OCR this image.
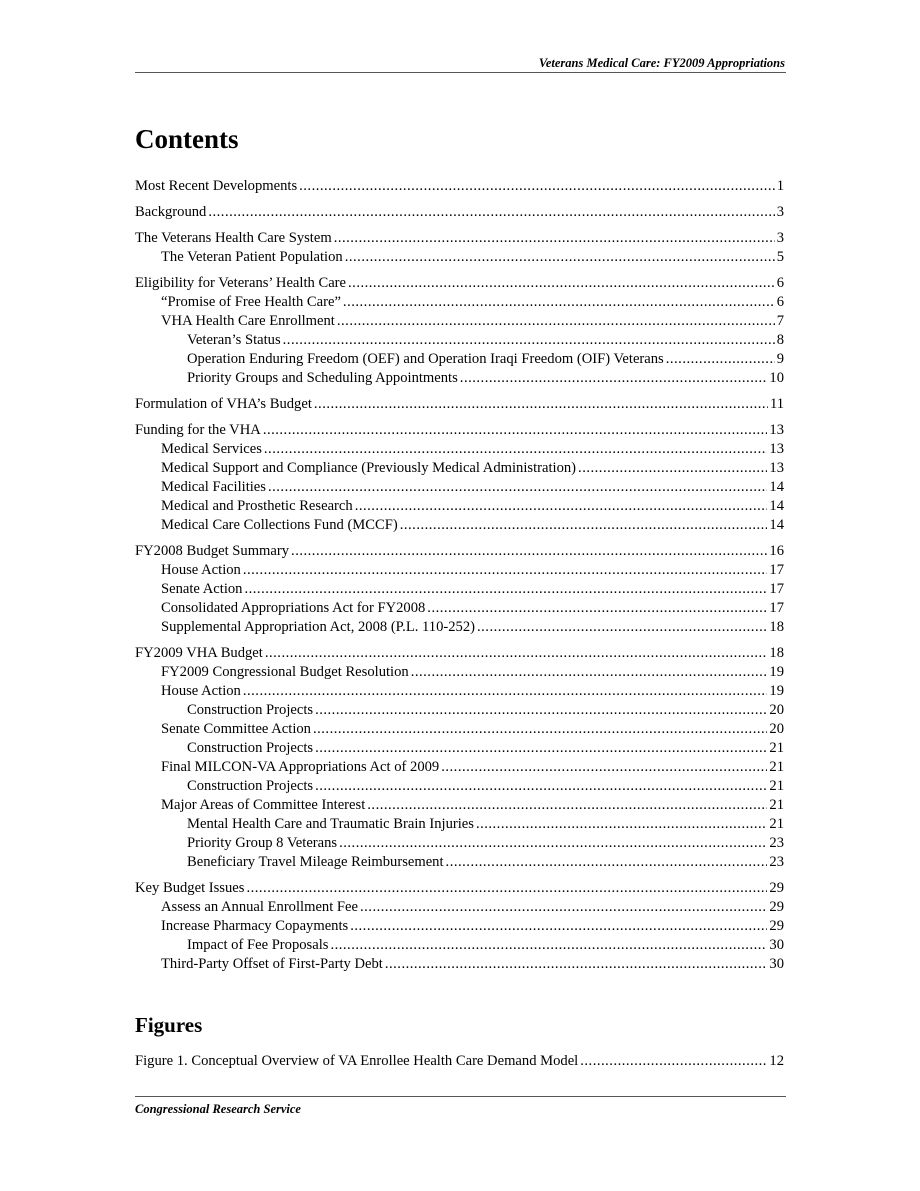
Veterans Medical Care: FY2009 Appropriations
Contents
Most Recent Developments .....	1
Background .....	3
The Veterans Health Care System .....	3
The Veteran Patient Population .....	5
Eligibility for Veterans’ Health Care .....	6
“Promise of Free Health Care” .....	6
VHA Health Care Enrollment .....	7
Veteran’s Status .....	8
Operation Enduring Freedom (OEF) and Operation Iraqi Freedom (OIF) Veterans .....	9
Priority Groups and Scheduling Appointments .....	10
Formulation of VHA’s Budget .....	11
Funding for the VHA .....	13
Medical Services .....	13
Medical Support and Compliance (Previously Medical Administration) .....	13
Medical Facilities .....	14
Medical and Prosthetic Research .....	14
Medical Care Collections Fund (MCCF) .....	14
FY2008 Budget Summary .....	16
House Action .....	17
Senate Action .....	17
Consolidated Appropriations Act for FY2008 .....	17
Supplemental Appropriation Act, 2008 (P.L. 110-252) .....	18
FY2009 VHA Budget .....	18
FY2009 Congressional Budget Resolution .....	19
House Action .....	19
Construction Projects .....	20
Senate Committee Action .....	20
Construction Projects .....	21
Final MILCON-VA Appropriations Act of 2009 .....	21
Construction Projects .....	21
Major Areas of Committee Interest .....	21
Mental Health Care and Traumatic Brain Injuries .....	21
Priority Group 8 Veterans .....	23
Beneficiary Travel Mileage Reimbursement .....	23
Key Budget Issues .....	29
Assess an Annual Enrollment Fee .....	29
Increase Pharmacy Copayments .....	29
Impact of Fee Proposals .....	30
Third-Party Offset of First-Party Debt .....	30
Figures
Figure 1. Conceptual Overview of VA Enrollee Health Care Demand Model .....	12
Congressional Research Service
